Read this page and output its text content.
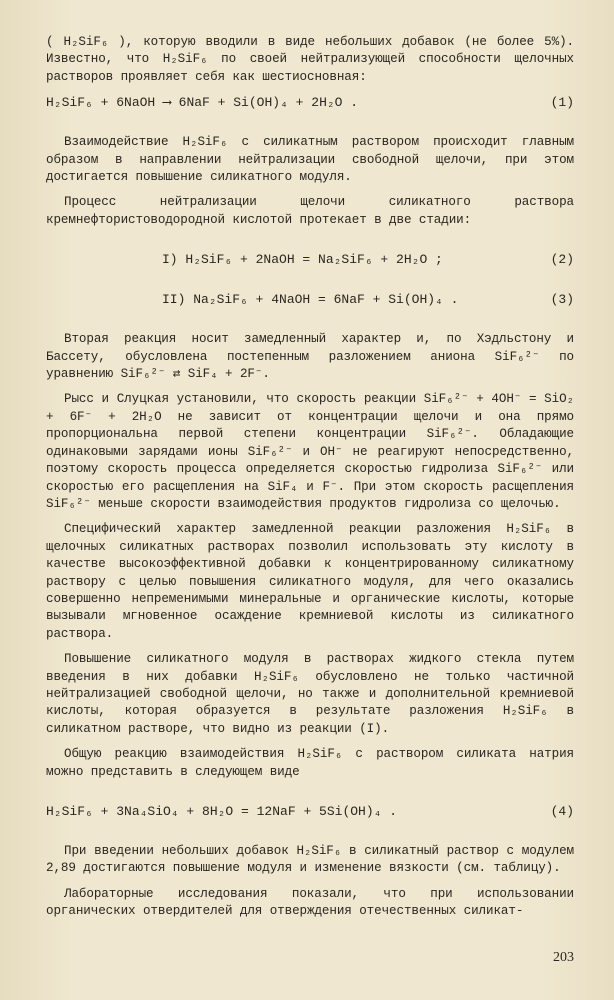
( H₂SiF₆ ), которую вводили в виде небольших добавок (не более 5%). Известно, что H₂SiF₆ по своей нейтрализующей способности щелочных растворов проявляет себя как шестиосновная:

H₂SiF₆ + 6NaOH ⟶ 6NaF + Si(OH)₄ + 2H₂O .	(1)

Взаимодействие H₂SiF₆ с силикатным раствором происходит главным образом в направлении нейтрализации свободной щелочи, при этом достигается повышение силикатного модуля.

Процесс нейтрализации щелочи силикатного раствора кремнефтористоводородной кислотой протекает в две стадии:

I) H₂SiF₆ + 2NaOH = Na₂SiF₆ + 2H₂O ;	(2)
II) Na₂SiF₆ + 4NaOH = 6NaF + Si(OH)₄ .	(3)

Вторая реакция носит замедленный характер и, по Хэдльстону и Бассету, обусловлена постепенным разложением аниона SiF₆²⁻ по уравнению SiF₆²⁻ ⇄ SiF₄ + 2F⁻.

Рысс и Слуцкая установили, что скорость реакции SiF₆²⁻ + 4OH⁻ = SiO₂ + 6F⁻ + 2H₂O не зависит от концентрации щелочи и она прямо пропорциональна первой степени концентрации SiF₆²⁻. Обладающие одинаковыми зарядами ионы SiF₆²⁻ и OH⁻ не реагируют непосредственно, поэтому скорость процесса определяется скоростью гидролиза SiF₆²⁻ или скоростью его расщепления на SiF₄ и F⁻. При этом скорость расщепления SiF₆²⁻ меньше скорости взаимодействия продуктов гидролиза со щелочью.

Специфический характер замедленной реакции разложения H₂SiF₆ в щелочных силикатных растворах позволил использовать эту кислоту в качестве высокоэффективной добавки к концентрированному силикатному раствору с целью повышения силикатного модуля, для чего оказались совершенно непременимыми минеральные и органические кислоты, которые вызывали мгновенное осаждение кремниевой кислоты из силикатного раствора.

Повышение силикатного модуля в растворах жидкого стекла путем введения в них добавки H₂SiF₆ обусловлено не только частичной нейтрализацией свободной щелочи, но также и дополнительной кремниевой кислоты, которая образуется в результате разложения H₂SiF₆ в силикатном растворе, что видно из реакции (I).

Общую реакцию взаимодействия H₂SiF₆ с раствором силиката натрия можно представить в следующем виде

H₂SiF₆ + 3Na₄SiO₄ + 8H₂O = 12NaF + 5Si(OH)₄ .	(4)

При введении небольших добавок H₂SiF₆ в силикатный раствор с модулем 2,89 достигаются повышение модуля и изменение вязкости (см. таблицу).

Лабораторные исследования показали, что при использовании органических отвердителей для отверждения отечественных силикат-

203
